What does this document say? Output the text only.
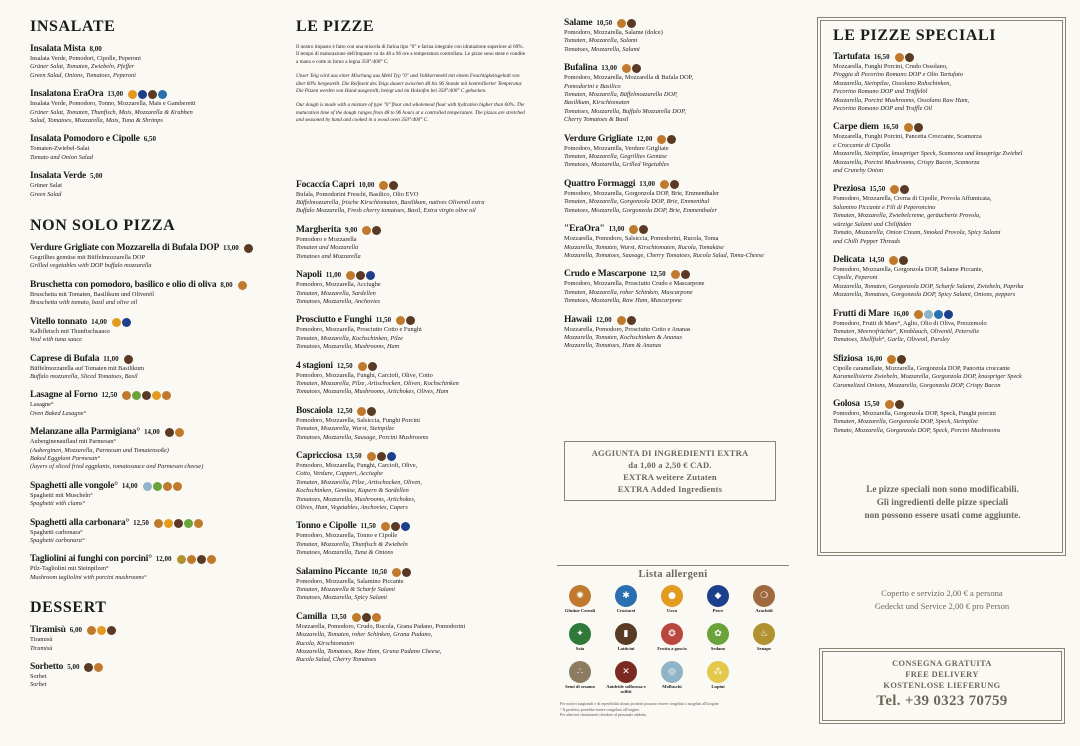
INSALATE
Insalata Mista 8,00
Insalata Verde, Pomodori, Cipolle, Peperoni
Grüner Salat, Tomaten, Zwiebeln, Pfeffer
Green Salad, Onions, Tomatoes, Peperoni
Insalatona EraOra 13,00
Insalata Verde, Pomodoro, Tonno, Mozzarella, Mais e Gamberetti
Grüner Salat, Tomaten, Thunfisch, Mais, Mozzarella & Krabben
Salad, Tomatoes, Mozzarella, Mais, Tuna & Shrimps
Insalata Pomodoro e Cipolle 6,50
Tomaten-Zwiebel-Salat
Tomato and Onion Salad
Insalata Verde 5,00
Grüner Salat
Green Salad
NON SOLO PIZZA
Verdure Grigliate con Mozzarella di Bufala DOP 13,00
Gegrilltes gemüse mit Büffelmozzarella DOP
Grilled vegetables with DOP buffalo mozzarella
Bruschetta con pomodoro, basilico e olio di oliva 8,00
Bruschetta mit Tomaten, Basilikum und Olivenöl
Bruschetta with tomato, basil and olive oil
Vitello tonnato 14,00
Kalbfleisch mit Thunfischsauce
Veal with tuna sauce
Caprese di Bufala 11,00
Büffelmozzarella auf Tomaten mit Basilikum
Buffalo mozzarella, Sliced Tomatoes, Basil
Lasagne al Forno 12,50
Lasagne°
Oven Baked Lasagne°
Melanzane alla Parmigiana° 14,00
Auberginenauflauf mit Parmesan°
(Auberginen, Mozzarella, Parmesan und Tomatensoße)
Baked Eggplant Parmesan°
(layers of sliced fried eggplants, tomatosauce and Parmesan cheese)
Spaghetti alle vongole° 14,00
Spaghetti mit Muscheln°
Spaghetti with clams°
Spaghetti alla carbonara° 12,50
Spaghetti carbonara°
Spaghetti carbonara°
Tagliolini ai funghi con porcini° 12,00
Pilz-Tagliolini mit Steinpilzen°
Mushroom tagliolini with porcini mushrooms°
DESSERT
Tiramisù 6,00
Tiramisù
Tiramisù
Sorbetto 5,00
Sorbet
Sorbet
LE PIZZE
Il nostro impasto è fatto con una miscela di farina tipo "0" e farina integrale con idratazione superiore al 60%. Il tempo di maturazione dell'impasto va da 48 a 96 ore a temperatura controllata. Le pizze sono stese e condite a mano e cotte in forno a legna 350°/400° C.
Unser Teig wird aus einer Mischung aus Mehl Typ "0" und Vollkornmehl mit einem Feuchtigkeitsgehalt von über 60% hergestellt. Die Reifezeit des Teigs dauert zwischen 48 bis 96 Stunde mit kontrollierter Temperatur. Die Pizzen werden von Hand ausgerollt, belegt und im Holzofen bei 350°/400° C gebacken.
Our dough is made with a mixture of type "0" flour and wholemeal flour with hydration higher than 60%. The maturation time of the dough ranges from 48 to 96 hours at a controlled temperature. The pizzas are stretched and seasoned by hand and cooked in a wood oven 350°/400° C.
Focaccia Capri 10,00
Bufala, Pomodorini Freschi, Basilico, Olio EVO
Büffelmozzarella, frische Kirschtomaten, Basilikum, natives Olivenöl extra
Buffalo Mozzarella, Fresh cherry tomatoes, Basil, Extra virgin olive oil
Margherita 9,00
Pomodoro e Mozzarella
Tomaten und Mozzarella
Tomatoes and Mozzarella
Napoli 11,00
Pomodoro, Mozzarella, Acciughe
Tomaten, Mozzarella, Sardellen
Tomatoes, Mozzarella, Anchovies
Prosciutto e Funghi 11,50
Pomodoro, Mozzarella, Prosciutto Cotto e Funghi
Tomaten, Mozzarella, Kochschinken, Pilze
Tomatoes, Mozzarella, Mushrooms, Ham
4 stagioni 12,50
Pomodoro, Mozzarella, Funghi, Carciofi, Olive, Cotto
Tomaten, Mozzarella, Pilze, Artischocken, Oliven, Kochschinken
Tomatoes, Mozzarella, Mushrooms, Artichokes, Olives, Ham
Boscaiola 12,50
Pomodoro, Mozzarella, Salsiccia, Funghi Porcini
Tomaten, Mozzarella, Wurst, Steinpilze
Tomatoes, Mozzarella, Sausage, Porcini Mushrooms
Capricciosa 13,50
Pomodoro, Mozzarella, Funghi, Carciofi, Olive,
Cotto, Verdure, Capperi, Acciughe
Tomaten, Mozzarella, Pilze, Artischocken, Oliven,
Kochschinken, Gemüse, Kapern & Sardellen
Tomatoes, Mozzarella, Mushrooms, Artichokes,
Olives, Ham, Vegetables, Anchovies, Capers
Tonno e Cipolle 11,50
Pomodoro, Mozzarella, Tonno e Cipolle
Tomaten, Mozzarella, Thunfisch & Zwiebeln
Tomatoes, Mozzarella, Tuna & Onions
Salamino Piccante 10,50
Pomodoro, Mozzarella, Salamino Piccante
Tomaten, Mozzarella & Scharfe Salami
Tomatoes, Mozzarella, Spicy Salami
Camilla 13,50
Mozzarella, Pomodoro, Crudo, Rucola, Grana Padano, Pomodorini
Mozzarella, Tomaten, roher Schinken, Grana Padano,
Rucola, Kirschtomaten
Mozzarella, Tomatoes, Raw Ham, Grana Padano Cheese,
Rucola Salad, Cherry Tomatoes
Salame 10,50
Pomodoro, Mozzarella, Salame (dolce)
Tomaten, Mozzarella, Salami
Tomatoes, Mozzarella, Salami
Bufalina 13,00
Pomodoro, Mozzarella, Mozzarella di Bufala DOP,
Pomodorini e Basilico
Tomaten, Mozzarella, Büffelmozzarella DOP,
Basilikum, Kirschtomaten
Tomatoes, Mozzarella, Buffalo Mozzarella DOP,
Cherry Tomatoes & Basil
Verdure Grigliate 12,00
Pomodoro, Mozzarella, Verdure Grigliate
Tomaten, Mozzarella, Gegrilltes Gemüse
Tomatoes, Mozzarella, Grilled Vegetables
Quattro Formaggi 13,00
Pomodoro, Mozzarella, Gorgonzola DOP, Brie, Emmenthaler
Tomaten, Mozzarella, Gorgonzola DOP, Brie, Emmenthal
Tomatoes, Mozzarella, Gorgonzola DOP, Brie, Emmenthaler
"EraOra" 13,00
Mozzarella, Pomodoro, Salsiccia, Pomodorini, Rucola, Toma
Mozzarella, Tomaten, Wurst, Kirschtomaten, Rucola, Tomakäse
Mozzarella, Tomatoes, Sausage, Cherry Tomatoes, Rucola Salad, Toma-Cheese
Crudo e Mascarpone 12,50
Pomodoro, Mozzarella, Prosciutto Crudo e Mascarpone
Tomaten, Mozzarella, roher Schinken, Mascarpone
Tomatoes, Mozzarella, Raw Ham, Mascarpone
Hawaii 12,00
Mozzarella, Pomodoro, Prosciutto Cotto e Ananas
Mozzarella, Tomaten, Kochschinken & Ananas
Mozzarella, Tomatoes, Ham & Ananas
AGGIUNTA DI INGREDIENTI EXTRA
da 1,00 a 2,50 € CAD.
EXTRA weitere Zutaten
EXTRA Added Ingredients
Lista allergeni
✺
Glutine Cereali
✱
Crostacei
●
Uova
◆
Pesce
❍
Arachidi
✦
Soia
▮
Latticini
❂
Frutta a guscio
✿
Sedano
♨
Senape
∴
Semi di sesamo
✕
Anidride solforosa e solfiti
◎
Molluschi
⁂
Lupini
Per motivi stagionali e di reperibilità alcuni prodotti possono essere congelati o surgelati all'origine.
° Il prodotto potrebbe essere congelato all'origine.
Per ulteriori chiarimenti chiedere al personale addetto.
LE PIZZE SPECIALI
Tartufata 16,50
Mozzarella, Funghi Porcini, Crudo Ossolano,
Pioggia di Pecorino Romano DOP e Olio Tartufato
Mozzarella, Steinpilze, Ossolano Rohschinken,
Pecorino Romano DOP und Trüffelöl
Mozzarella, Porcini Mushrooms, Ossolano Raw Ham,
Pecorino Romano DOP and Truffle Oil
Carpe diem 16,50
Mozzarella, Funghi Porcini, Pancetta Croccante, Scamorza
e Croccante di Cipolla
Mozzarella, Steinpilze, knuspriger Speck, Scamorza und knusprige Zwiebel
Mozzarella, Porcini Mushrooms, Crispy Bacon, Scamorza
and Crunchy Onion
Preziosa 15,50
Pomodoro, Mozzarella, Crema di Cipolle, Provola Affumicata,
Salamino Piccante e Fili di Peperoncino
Tomaten, Mozzarella, Zwiebelcreme, geräucherte Provola,
würzige Salami und Chilifäden
Tomato, Mozzarella, Onion Cream, Smoked Provola, Spicy Salami
and Chilli Pepper Threads
Delicata 14,50
Pomodoro, Mozzarella, Gorgonzola DOP, Salame Piccante,
Cipolle, Peperoni
Mozzarella, Tomaten, Gorgonzola DOP, Scharfe Salami, Zwiebeln, Paprika
Mozzarella, Tomatoes, Gorgonzola DOP, Spicy Salami, Onions, peppers
Frutti di Mare 16,00
Pomodoro, Frutti di Mare°, Aglio, Olio di Oliva, Prezzemolo
Tomaten, Meeresfrüchte°, Knoblauch, Olivenöl, Petersilie
Tomatoes, Shellfish°, Garlic, Oliveoil, Parsley
Sfiziosa 16,00
Cipolle caramellate, Mozzarella, Gorgonzola DOP, Pancetta croccante
Karamellisierte Zwiebeln, Mozzarella, Gorgonzola DOP, knuspriger Speck
Caramelized Onions, Mozzarella, Gorgonzola DOP, Crispy Bacon
Golosa 15,50
Pomodoro, Mozzarella, Gorgonzola DOP, Speck, Funghi porcini
Tomaten, Mozzarella, Gorgonzola DOP, Speck, Steinpilze
Tomato, Mozzarella, Gorgonzola DOP, Speck, Porcini Mushrooms
Le pizze speciali non sono modificabili.
Gli ingredienti delle pizze speciali
non possono essere usati come aggiunte.
Coperto e servizio 2,00 € a persona
Gedeckt und Service 2,00 € pro Person
CONSEGNA GRATUITA
FREE DELIVERY
KOSTENLOSE LIEFERUNG
Tel. +39 0323 70759
